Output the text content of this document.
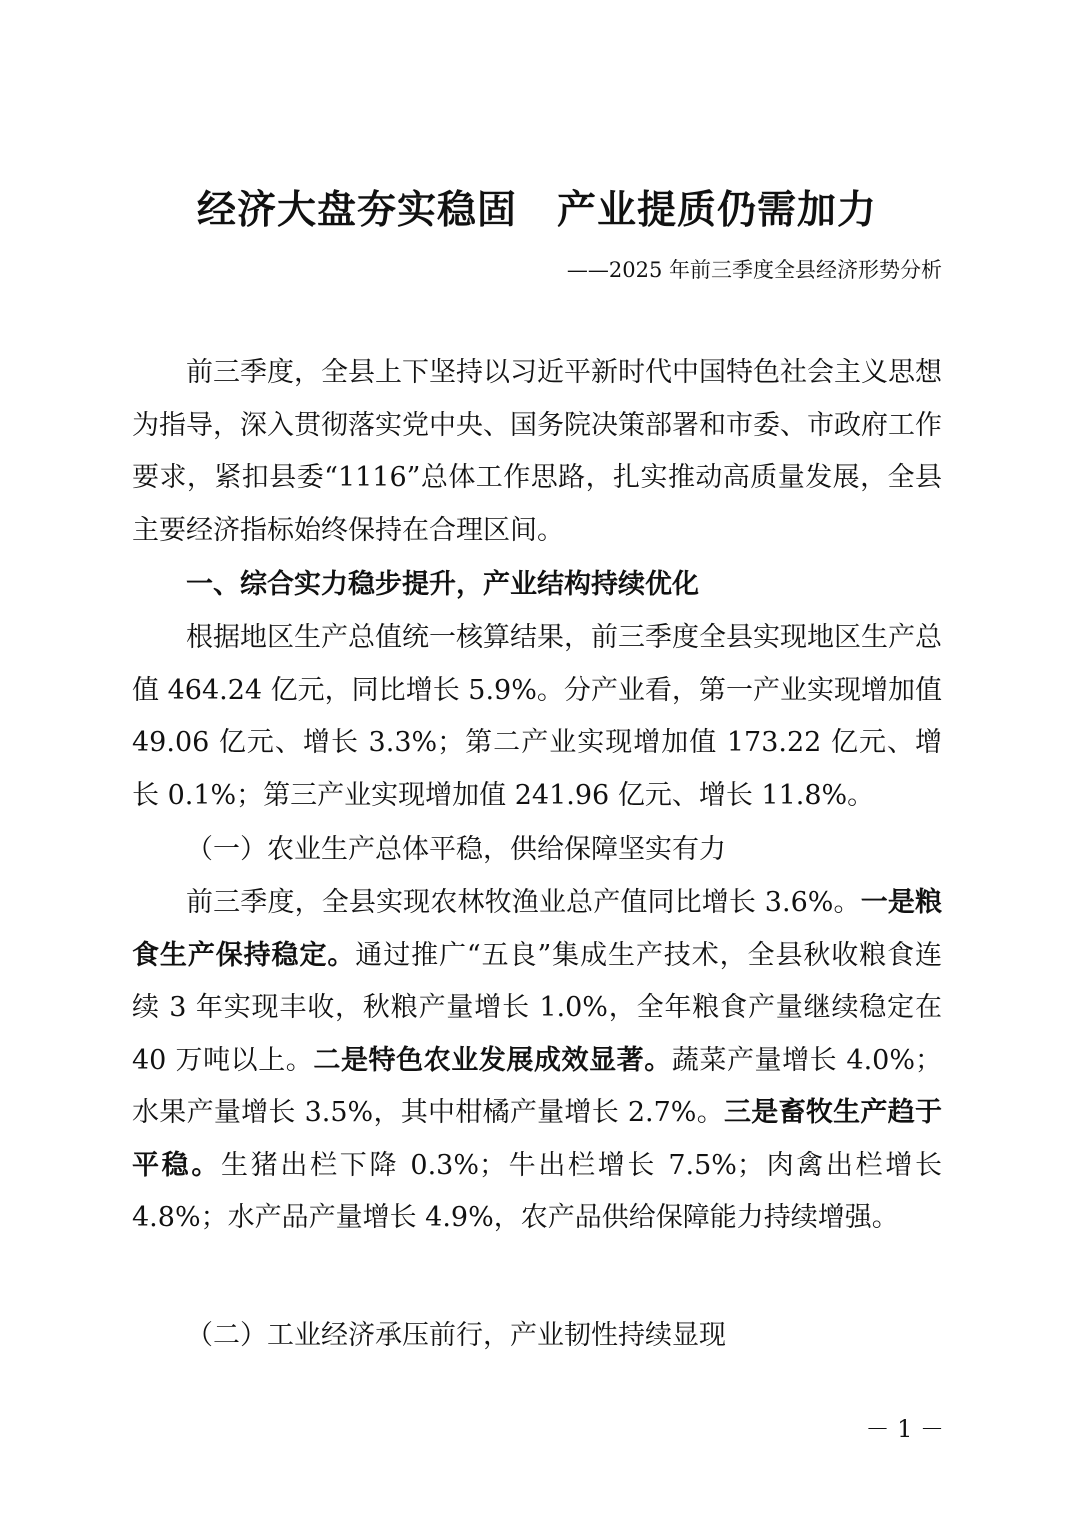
经济大盘夯实稳固　产业提质仍需加力
——2025 年前三季度全县经济形势分析

前三季度，全县上下坚持以习近平新时代中国特色社会主义思想为指导，深入贯彻落实党中央、国务院决策部署和市委、市政府工作要求，紧扣县委“1116”总体工作思路，扎实推动高质量发展，全县主要经济指标始终保持在合理区间。

一、综合实力稳步提升，产业结构持续优化

根据地区生产总值统一核算结果，前三季度全县实现地区生产总值 464.24 亿元，同比增长 5.9%。分产业看，第一产业实现增加值 49.06 亿元、增长 3.3%；第二产业实现增加值 173.22 亿元、增长 0.1%；第三产业实现增加值 241.96 亿元、增长 11.8%。

（一）农业生产总体平稳，供给保障坚实有力

前三季度，全县实现农林牧渔业总产值同比增长 3.6%。一是粮食生产保持稳定。通过推广“五良”集成生产技术，全县秋收粮食连续 3 年实现丰收，秋粮产量增长 1.0%，全年粮食产量继续稳定在 40 万吨以上。二是特色农业发展成效显著。蔬菜产量增长 4.0%；水果产量增长 3.5%，其中柑橘产量增长 2.7%。三是畜牧生产趋于平稳。生猪出栏下降 0.3%；牛出栏增长 7.5%；肉禽出栏增长 4.8%；水产品产量增长 4.9%，农产品供给保障能力持续增强。

（二）工业经济承压前行，产业韧性持续显现

－ 1 －
